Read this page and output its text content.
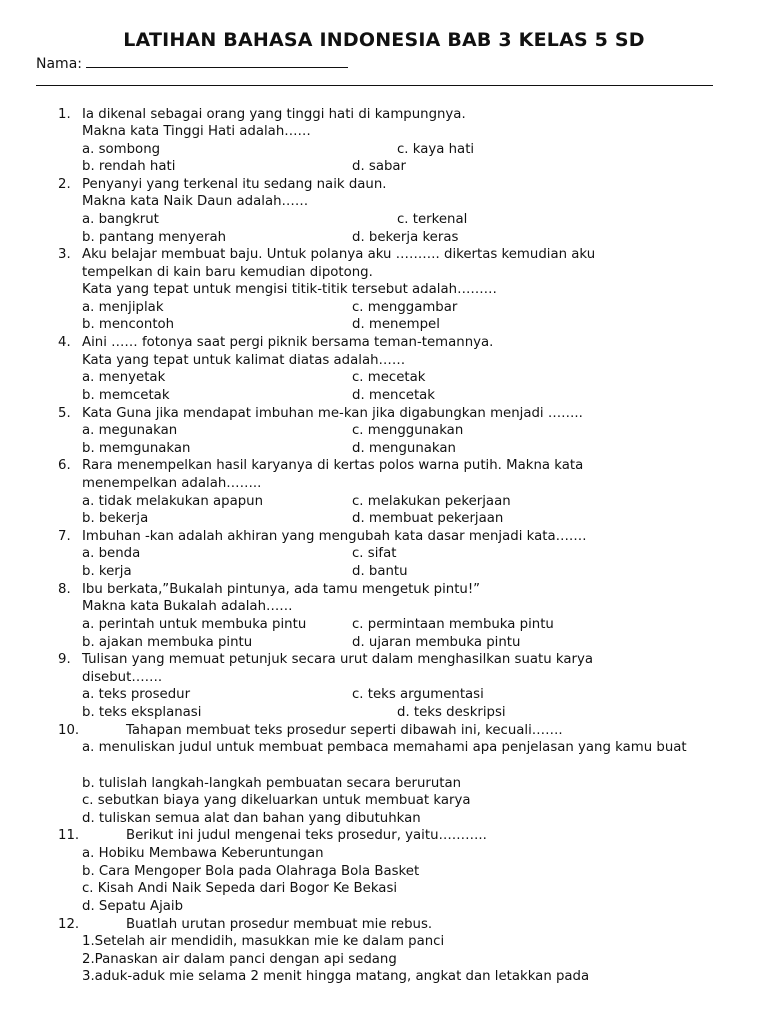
LATIHAN BAHASA INDONESIA BAB 3 KELAS 5 SD
Nama:
1. Ia dikenal sebagai orang yang tinggi hati di kampungnya.
Makna kata Tinggi Hati adalah……
a. sombong	c. kaya hati
b. rendah hati	d. sabar
2. Penyanyi yang terkenal itu sedang naik daun.
Makna kata Naik Daun adalah……
a. bangkrut	c. terkenal
b. pantang menyerah	d. bekerja keras
3. Aku belajar membuat baju. Untuk polanya aku ………. dikertas kemudian aku
tempelkan di kain baru kemudian dipotong.
Kata yang tepat untuk mengisi titik-titik tersebut adalah………
a. menjiplak	c. menggambar
b. mencontoh	d. menempel
4. Aini …… fotonya saat pergi piknik bersama teman-temannya.
Kata yang tepat untuk kalimat diatas adalah……
a. menyetak	c. mecetak
b. memcetak	d. mencetak
5. Kata Guna jika mendapat imbuhan me-kan jika digabungkan menjadi ……..
a. megunakan	c. menggunakan
b. memgunakan	d. mengunakan
6. Rara menempelkan hasil karyanya di kertas polos warna putih. Makna kata
menempelkan adalah……..
a. tidak melakukan apapun	c. melakukan pekerjaan
b. bekerja	d. membuat pekerjaan
7. Imbuhan -kan adalah akhiran yang mengubah kata dasar menjadi kata…….
a. benda	c. sifat
b. kerja	d. bantu
8. Ibu berkata,”Bukalah pintunya, ada tamu mengetuk pintu!”
Makna kata Bukalah adalah……
a. perintah untuk membuka pintu	c. permintaan membuka pintu
b. ajakan membuka pintu	d. ujaran membuka pintu
9. Tulisan yang memuat petunjuk secara urut dalam menghasilkan suatu karya
disebut…….
a. teks prosedur	c. teks argumentasi
b. teks eksplanasi	d. teks deskripsi
10.	Tahapan membuat teks prosedur seperti dibawah ini, kecuali…….
a. menuliskan judul untuk membuat pembaca memahami apa penjelasan yang kamu buat
b. tulislah langkah-langkah pembuatan secara berurutan
c. sebutkan biaya yang dikeluarkan untuk membuat karya
d. tuliskan semua alat dan bahan yang dibutuhkan
11.	Berikut ini judul mengenai teks prosedur, yaitu………..
a. Hobiku Membawa Keberuntungan
b. Cara Mengoper Bola pada Olahraga Bola Basket
c. Kisah Andi Naik Sepeda dari Bogor Ke Bekasi
d. Sepatu Ajaib
12.	Buatlah urutan prosedur membuat mie rebus.
1.Setelah air mendidih, masukkan mie ke dalam panci
2.Panaskan air dalam panci dengan api sedang
3.aduk-aduk mie selama 2 menit hingga matang, angkat dan letakkan pada
